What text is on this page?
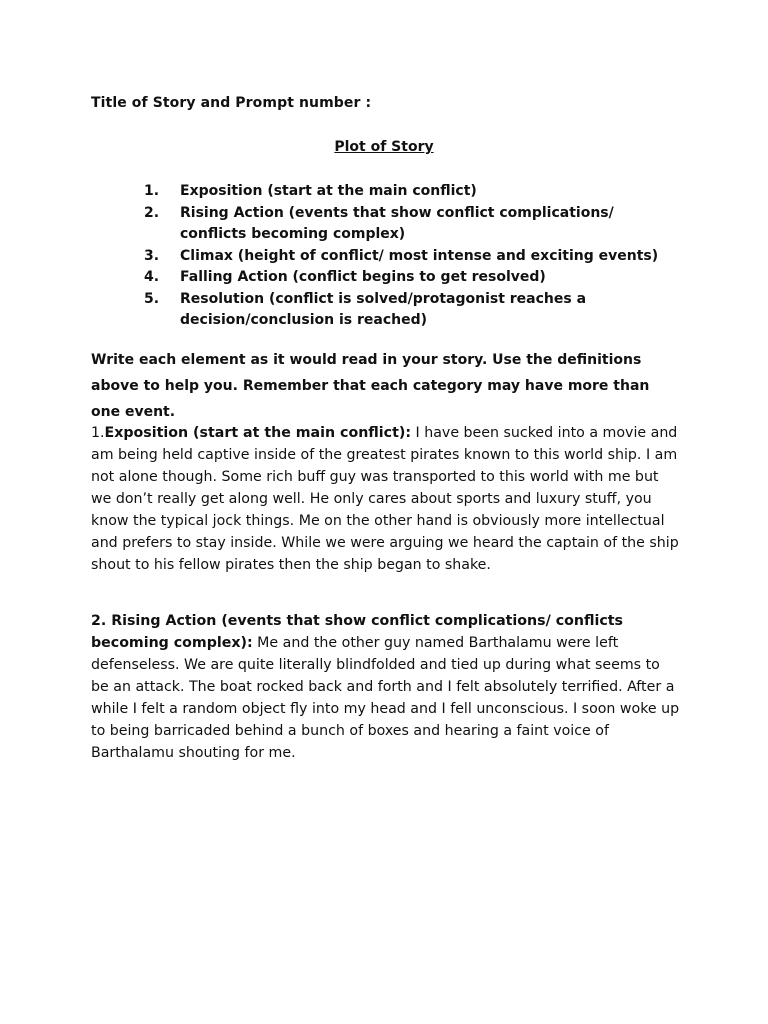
Title of Story and Prompt number :
Plot of Story
1. Exposition (start at the main conflict)
2. Rising Action (events that show conflict complications/ conflicts becoming complex)
3. Climax (height of conflict/ most intense and exciting events)
4. Falling Action (conflict begins to get resolved)
5. Resolution (conflict is solved/protagonist reaches a decision/conclusion is reached)
Write each element as it would read in your story. Use the definitions above to help you. Remember that each category may have more than one event.
1.Exposition (start at the main conflict): I have been sucked into a movie and am being held captive inside of the greatest pirates known to this world ship. I am not alone though. Some rich buff guy was transported to this world with me but we don’t really get along well. He only cares about sports and luxury stuff, you know the typical jock things. Me on the other hand is obviously more intellectual and prefers to stay inside. While we were arguing we heard the captain of the ship shout to his fellow pirates then the ship began to shake.
2. Rising Action (events that show conflict complications/ conflicts becoming complex): Me and the other guy named Barthalamu were left defenseless. We are quite literally blindfolded and tied up during what seems to be an attack. The boat rocked back and forth and I felt absolutely terrified. After a while I felt a random object fly into my head and I fell unconscious. I soon woke up to being barricaded behind a bunch of boxes and hearing a faint voice of Barthalamu shouting for me.
